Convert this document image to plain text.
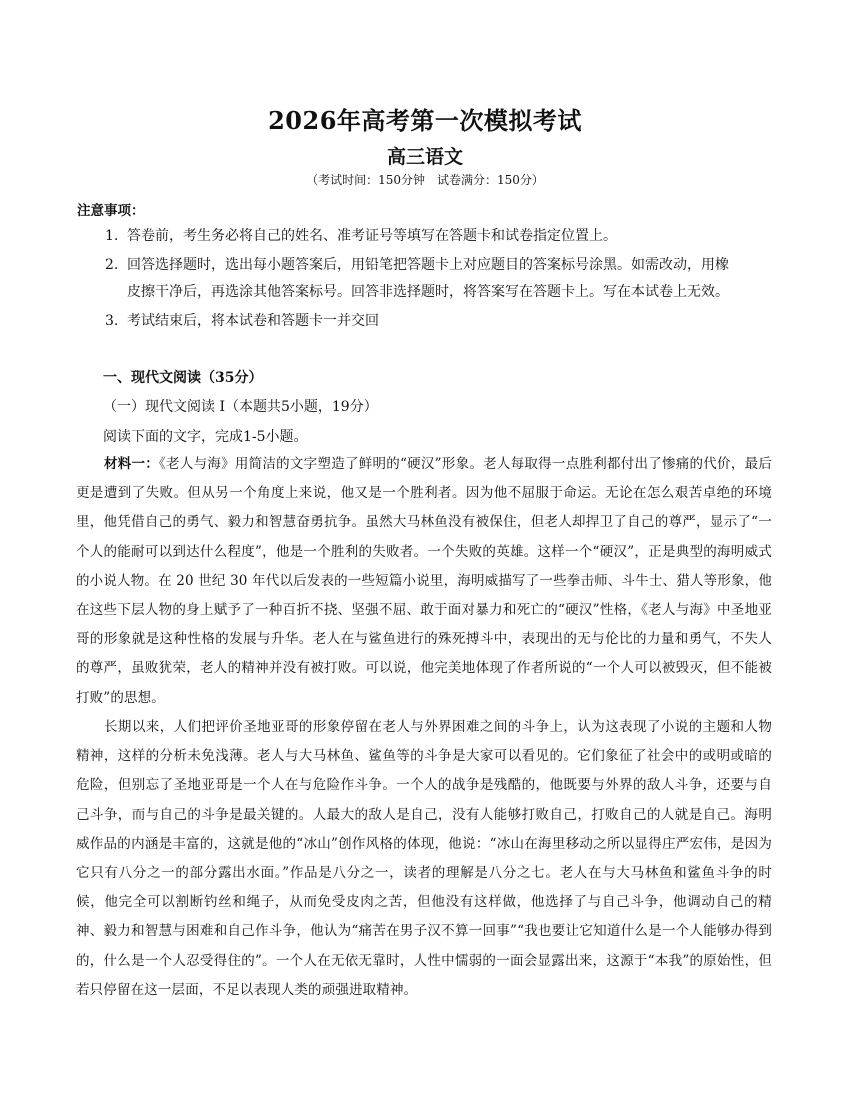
2026年高考第一次模拟考试
高三语文
（考试时间：150分钟　试卷满分：150分）
注意事项：
1. 答卷前，考生务必将自己的姓名、准考证号等填写在答题卡和试卷指定位置上。
2. 回答选择题时，选出每小题答案后，用铅笔把答题卡上对应题目的答案标号涂黑。如需改动，用橡
皮擦干净后，再选涂其他答案标号。回答非选择题时，将答案写在答题卡上。写在本试卷上无效。
3. 考试结束后，将本试卷和答题卡一并交回
一、现代文阅读（35分）
（一）现代文阅读 I（本题共5小题，19分）
阅读下面的文字，完成1-5小题。

材料一：《老人与海》用简洁的文字塑造了鲜明的“硬汉”形象。老人每取得一点胜利都付出了惨痛的代价，最后更是遭到了失败。但从另一个角度上来说，他又是一个胜利者。因为他不屈服于命运。无论在怎么艰苦卓绝的环境里，他凭借自己的勇气、毅力和智慧奋勇抗争。虽然大马林鱼没有被保住，但老人却捍卫了自己的尊严，显示了“一个人的能耐可以到达什么程度”，他是一个胜利的失败者。一个失败的英雄。这样一个“硬汉”，正是典型的海明威式的小说人物。在 20 世纪 30 年代以后发表的一些短篇小说里，海明威描写了一些拳击师、斗牛士、猎人等形象，他在这些下层人物的身上赋予了一种百折不挠、坚强不屈、敢于面对暴力和死亡的“硬汉”性格，《老人与海》中圣地亚哥的形象就是这种性格的发展与升华。老人在与鲨鱼进行的殊死搏斗中，表现出的无与伦比的力量和勇气，不失人的尊严，虽败犹荣，老人的精神并没有被打败。可以说，他完美地体现了作者所说的“一个人可以被毁灭，但不能被打败”的思想。

长期以来，人们把评价圣地亚哥的形象停留在老人与外界困难之间的斗争上，认为这表现了小说的主题和人物精神，这样的分析未免浅薄。老人与大马林鱼、鲨鱼等的斗争是大家可以看见的。它们象征了社会中的或明或暗的危险，但别忘了圣地亚哥是一个人在与危险作斗争。一个人的战争是残酷的，他既要与外界的敌人斗争，还要与自己斗争，而与自己的斗争是最关键的。人最大的敌人是自己，没有人能够打败自己，打败自己的人就是自己。海明威作品的内涵是丰富的，这就是他的“冰山”创作风格的体现，他说：“冰山在海里移动之所以显得庄严宏伟，是因为它只有八分之一的部分露出水面。”作品是八分之一，读者的理解是八分之七。老人在与大马林鱼和鲨鱼斗争的时候，他完全可以割断钓丝和绳子，从而免受皮肉之苦，但他没有这样做，他选择了与自己斗争，他调动自己的精神、毅力和智慧与困难和自己作斗争，他认为“痛苦在男子汉不算一回事”“我也要让它知道什么是一个人能够办得到的，什么是一个人忍受得住的”。一个人在无依无靠时，人性中懦弱的一面会显露出来，这源于“本我”的原始性，但若只停留在这一层面，不足以表现人类的顽强进取精神。
